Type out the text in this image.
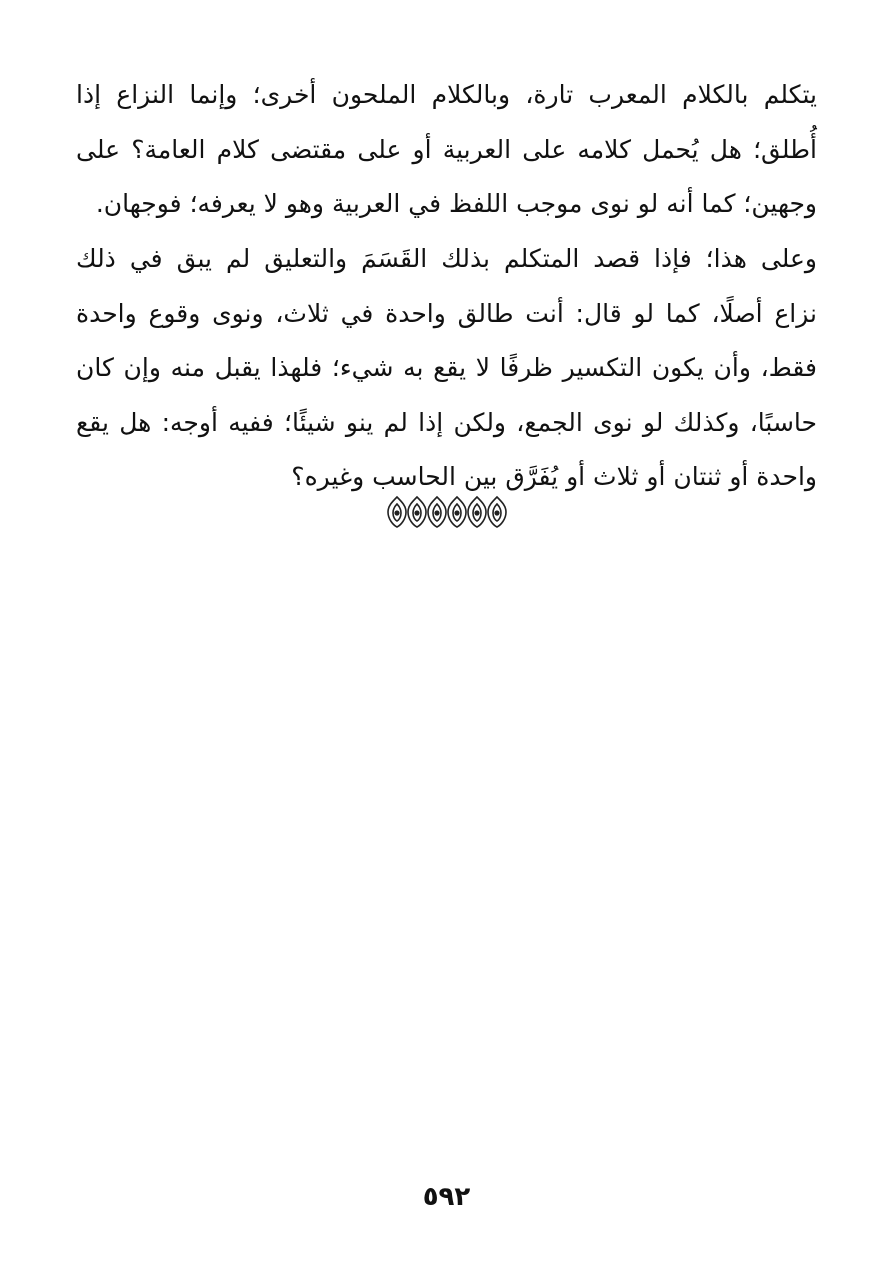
يتكلم بالكلام المعرب تارة، وبالكلام الملحون أخرى؛ وإنما النزاع إذا
أُطلق؛ هل يُحمل كلامه على العربية أو على مقتضى كلام العامة؟ على
وجهين؛ كما أنه لو نوى موجب اللفظ في العربية وهو لا يعرفه؛ فوجهان.
وعلى هذا؛ فإذا قصد المتكلم بذلك القَسَمَ والتعليق لم يبق في ذلك
نزاع أصلًا، كما لو قال: أنت طالق واحدة في ثلاث، ونوى وقوع واحدة
فقط، وأن يكون التكسير ظرفًا لا يقع به شيء؛ فلهذا يقبل منه وإن كان
حاسبًا، وكذلك لو نوى الجمع، ولكن إذا لم ينو شيئًا؛ ففيه أوجه: هل يقع
واحدة أو ثنتان أو ثلاث أو يُفَرَّق بين الحاسب وغيره؟
٥٩٢
